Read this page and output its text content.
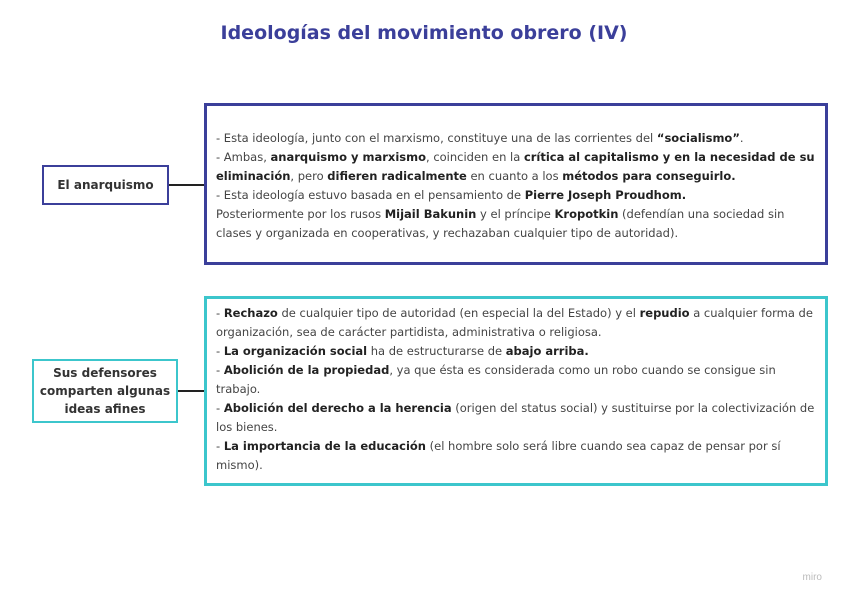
Ideologías del movimiento obrero (IV)
El anarquismo

- Esta ideología, junto con el marxismo, constituye una de las corrientes del “socialismo”.

- Ambas, anarquismo y marxismo, coinciden en la crítica al capitalismo y en la necesidad de su eliminación, pero difieren radicalmente en cuanto a los métodos para conseguirlo.

- Esta ideología estuvo basada en el pensamiento de Pierre Joseph Proudhom.

Posteriormente por los rusos Mijail Bakunin y el príncipe Kropotkin (defendían una sociedad sin clases y organizada en cooperativas, y rechazaban cualquier tipo de autoridad).

Sus defensores comparten algunas ideas afines

- Rechazo de cualquier tipo de autoridad (en especial la del Estado) y el repudio a cualquier forma de organización, sea de carácter partidista, administrativa o religiosa.

- La organización social ha de estructurarse de abajo arriba.

- Abolición de la propiedad, ya que ésta es considerada como un robo cuando se consigue sin trabajo.

- Abolición del derecho a la herencia (origen del status social) y sustituirse por la colectivización de los bienes.

- La importancia de la educación (el hombre solo será libre cuando sea capaz de pensar por sí mismo).

miro
